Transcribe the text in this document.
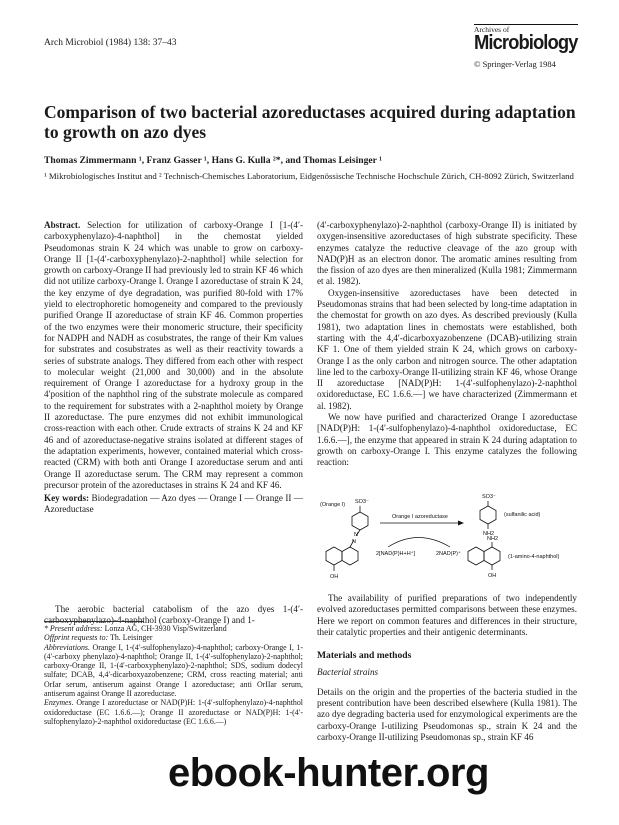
Arch Microbiol (1984) 138: 37–43
Archives of
Microbiology
© Springer-Verlag 1984
Comparison of two bacterial azoreductases acquired during adaptation to growth on azo dyes
Thomas Zimmermann ¹, Franz Gasser ¹, Hans G. Kulla ²*, and Thomas Leisinger ¹
¹ Mikrobiologisches Institut and ² Technisch-Chemisches Laboratorium, Eidgenössische Technische Hochschule Zürich, CH-8092 Zürich, Switzerland

Abstract. Selection for utilization of carboxy-Orange I [1-(4′-carboxyphenylazo)-4-naphthol] in the chemostat yielded Pseudomonas strain K 24 which was unable to grow on carboxy-Orange II [1-(4′-carboxyphenylazo)-2-naphthol] while selection for growth on carboxy-Orange II had previously led to strain KF 46 which did not utilize carboxy-Orange I. Orange I azoreductase of strain K 24, the key enzyme of dye degradation, was purified 80-fold with 17% yield to electrophoretic homogeneity and compared to the previously purified Orange II azoreductase of strain KF 46. Common properties of the two enzymes were their monomeric structure, their specificity for NADPH and NADH as cosubstrates, the range of their Km values for substrates and cosubstrates as well as their reactivity towards a series of substrate analogs. They differed from each other with respect to molecular weight (21,000 and 30,000) and in the absolute requirement of Orange I azoreductase for a hydroxy group in the 4′position of the naphthol ring of the substrate molecule as compared to the requirement for substrates with a 2-naphthol moiety by Orange II azoreductase. The pure enzymes did not exhibit immunological cross-reaction with each other. Crude extracts of strains K 24 and KF 46 and of azoreductase-negative strains isolated at different stages of the adaptation experiments, however, contained material which cross-reacted (CRM) with both anti Orange I azoreductase serum and anti Orange II azoreductase serum. The CRM may represent a common precursor protein of the azoreductases in strains K 24 and KF 46.

Key words: Biodegradation — Azo dyes — Orange I — Orange II — Azoreductase

The aerobic bacterial catabolism of the azo dyes 1-(4′-carboxyphenylazo)-4-naphthol (carboxy-Orange I) and 1-

* Present address: Lonza AG, CH-3930 Visp/Switzerland

Offprint requests to: Th. Leisinger

Abbreviations. Orange I, 1-(4′-sulfophenylazo)-4-naphthol; carboxy-Orange I, 1-(4′-carboxy phenylazo)-4-naphthol; Orange II, 1-(4′-sulfophenylazo)-2-naphthol; carboxy-Orange II, 1-(4′-carboxyphenylazo)-2-naphthol; SDS, sodium dodecyl sulfate; DCAB, 4,4′-dicarboxyazobenzene; CRM, cross reacting material; anti OrIar serum, antiserum against Orange I azoreductase; anti OrIIar serum, antiserum against Orange II azoreductase.

Enzymes. Orange I azoreductase or NAD(P)H: 1-(4′-sulfophenylazo)-4-naphthol oxidoreductase (EC 1.6.6.—); Orange II azoreductase or NAD(P)H: 1-(4′-sulfophenylazo)-2-naphthol oxidoreductase (EC 1.6.6.—)

(4′-carboxyphenylazo)-2-naphthol (carboxy-Orange II) is initiated by oxygen-insensitive azoreductases of high substrate specificity. These enzymes catalyze the reductive cleavage of the azo group with NAD(P)H as an electron donor. The aromatic amines resulting from the fission of azo dyes are then mineralized (Kulla 1981; Zimmermann et al. 1982).

Oxygen-insensitive azoreductases have been detected in Pseudomonas strains that had been selected by long-time adaptation in the chemostat for growth on azo dyes. As described previously (Kulla 1981), two adaptation lines in chemostats were established, both starting with the 4,4′-dicarboxyazobenzene (DCAB)-utilizing strain KF 1. One of them yielded strain K 24, which grows on carboxy-Orange I as the only carbon and nitrogen source. The other adaptation line led to the carboxy-Orange II-utilizing strain KF 46, whose Orange II azoreductase [NAD(P)H: 1-(4′-sulfophenylazo)-2-naphthol oxidoreductase, EC 1.6.6.—] we have characterized (Zimmermann et al. 1982).

We now have purified and characterized Orange I azoreductase [NAD(P)H: 1-(4′-sulfophenylazo)-4-naphthol oxidoreductase, EC 1.6.6.—], the enzyme that appeared in strain K 24 during adaptation to growth on carboxy-Orange I. This enzyme catalyzes the following reaction:

(Orange I) SO3⁻
N
N
OH
Orange I azoreductase
2[NAD(P)H+H⁺]	2NAD(P)⁺
SO3⁻
NH2
(sulfanilic acid)
NH2
OH
(1-amino-4-naphthol)

The availability of purified preparations of two independently evolved azoreductases permitted comparisons between these enzymes. Here we report on common features and differences in their structure, their catalytic properties and their antigenic determinants.

Materials and methods

Bacterial strains

Details on the origin and the properties of the bacteria studied in the present contribution have been described elsewhere (Kulla 1981). The azo dye degrading bacteria used for enzymological experiments are the carboxy-Orange I-utilizing Pseudomonas sp., strain K 24 and the carboxy-Orange II-utilizing Pseudomonas sp., strain KF 46

ebook-hunter.org
